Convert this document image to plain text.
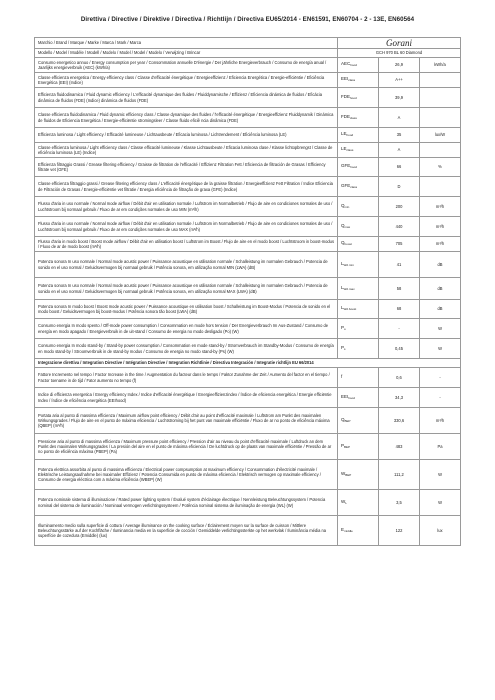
Direttiva / Directive / Direktive / Directiva / Richtlijn / Directiva EU65/2014 - EN61591, EN60704 - 2 - 13E, EN60564
Marchio / Brand / Marque / Marke / Marca / Mark / Marca	Gorani		
Modello / Model / Modèle / Modell / Modelo / Model / Model / Modelo / Verwijzing / Brincar	GCH 970 BL 60 Diamond		
Consumo energetico annuo / Energy consumption per year / Consommation annuelle D'énergie / Der jährliche Energieverbrauch / Consumo de energía anual / Jaarlijks energieverbruik (AEC) (kWh/a)	$AEC_{hood}$	26,9	kWh/a
Classe efficienza energetica / Energy efficiency class / Classe d'efficacité énergétique / Energieeffizienz / Eficiencia Energética / Energie-efficiëntie / Eficiência Energética (EEI) (Indice)	$EEI_{class}$	A++	
Efficienza fluidodinamica / Fluid dynamic efficiency / L'efficacité dynamique des fluides / Fluiddynamische / Effizienz / Eficiencia dinámica de fluidos / Eficácia dinâmica de fluidos (FDE) (Indice) dinámica de fluidos (FDE)	$FDE_{hood}$	39,9	
Classe efficienza fluidodinamica / Fluid dynamic efficiency class / Classe dynamique des fluides / l'efficacité énergétique / Energieeffizienz Fluiddynamik / Dinámica de fluidos de Eficiencia Energética / Energie-efficiëntie stromingsleer / Classe fluido eficiê ncia dinâmica (FDE)	$FDE_{class}$	A	
Efficienza luminosa / Light efficiency / Efficacité lumineuse / Lichtausbeute / Eficacia luminosa / Lichtrendement / Eficiência luminosa (LE)	$LE_{hood}$	35	lux/W
Classe efficienza luminosa / Light efficiency class / Classe efficacité lumineuse / Klasse Lichtausbeute / Eficacia luminosa clase / Klasse lichtopbrengst / Classe de eficiência luminosa (LE) (Indice)	$LE_{class}$	A	
Efficienza filtraggio Grassi / Grease filtering efficiency / Graisse de filtration de l'efficacité / Effizienz Filtration Fett / Eficiencia de filtración de Grasas / Efficiency filtrate vet (GFE)	$GFE_{hood}$	66	%
Classe efficienza filtraggio grassi / Grease filtering efficiency class / L'efficacité énergétique de la graisse filtration / Energieeffizienz Fett Filtration / Indice Eficiencia de Filtración de Grasas / Energie-efficiëntie vet filtratie / Energia eficiência de filtração de graxa (GFE) (Indice)	$GFE_{class}$	D	
Flusso d'aria in uso normale / Normal mode airflow / Débit d'air en utilisation normale / Luftstrom im Normalbetrieb / Flujo de aire en condiciones normales de uso / Luchtstroom bij normaal gebruik / Fluxo de ar em condições normales de uso MIN (m³/h)	$Q_{min}$	200	m³/h
Flusso d'aria in uso normale / Normal mode airflow / Débit d'air en utilisation normale / Luftstrom im Normalbetrieb / Flujo de aire en condiciones normales de uso / Luchtstroom bij normaal gebruik / Fluxo de ar em condições normales de uso MAX (m³/h)	$Q_{max}$	440	m³/h
Flusso d'aria in modo boost / Boost mode airflow / Débit d'air en utilisation boost / Luftstrom im Boost / Flujo de aire en el modo boost / Luchtstroom in boost-modus / Fluxo de ar de modo boost (m³/h)	$Q_{boost}$	705	m³/h
Potenza sonora In uso normale / Normal mode acustic power / Puissance acoustique en utilisation normale / Schalleistung im normalen Gebrauch / Potencia de sonido en el uso normal / Geluidsvermogen bij normaal gebruik / Potência sonora, em utilização normal MIN (LWA) (dB)	$L_{WA min}$	41	dB
Potenza sonora In uso normale / Normal mode acustic power / Puissance acoustique en utilisation normale / Schalleistung im normalen Gebrauch / Potencia de sonido en el uso normal / Geluidsvermogen bij normaal gebruik / Potência sonora, em utilização normal MAX (LWA) (dB)	$L_{WA max}$	58	dB
Potenza sonora In modo boost / Boost mode acustic power / Puissance acoustique en utilisation boost / Schalleistung im Boost-Modus / Potencia de sonido en el modo boost / Geluidsvermogen bij boost-modus / Potência sonora tão boost (LWA) (dB)	$L_{WA boost}$	68	dB
Consumo energia In modo spento / Off-mode power consumption / Consommation en mode hors tension / Der Energieverbrauch Im Aus-Zustand / Consumo de energía en modo apagado / Energieverbruik in de uit-stand / Consumo de energia no modo desligado (Po) (W)	$P_o$	-	W
Consumo energia In modo stand-by / Stand-by power consumption / Consommation en mode stand-by / Stromverbrauch im Standby-Modus / Consumo de energía en modo stand-by / Stroomverbruik in de stand-by modus / Consumo de energia no modo stand-by (Ps) (W)	$P_s$	0,45	W
Integrazione direttiva / Integration Directive / Intégration Directive / Integration Richtlinie / Directiva Integración / Integratie richtlijn EU 66/2014			
Fattore Incremento nel tempo / Factor Increase in the time / Augmentation du facteur dans le temps / Faktor Zunahme der Zeit / Aumento del factor en el tiempo / Factor toename in de tijd / Fator aumento no tempo (f)	f	0,6	-
Indice di efficienza energetica / Energy efficiency Index / Indice d'efficacité énergétique / Energieeffizienzindex / Índice de eficiencia energética / Energie efficiëntie Index / Índice de eficiência energética (EEIhood)	$EEI_{hood}$	34,3	-
Portata aria al punto di massima efficienza / Maximum airflow point efficiency / Débit d'air au point d'efficacité maximale / Luftstrom am Punkt des maximalen Wirkungsgrades / Flujo de aire en el punto de máxima eficiencia / Luchtstroming bij het punt van maximale efficiëntie / Fluxo de ar no ponto de eficiência máxima (QBEP) (m³/h)	$Q_{BEP}$	330,6	m³/h
Pressione aria al punto di massima efficienza / Maximum pressure point efficiency / Pression d'air au niveau du point d'efficacité maximale / Luftdruck an dem Punkt des maximalen Wirkungsgrades / La presión del aire en el punto de máxima eficiencia / De luchtdruck op de plaats van maximale efficiëntie / Pressão de ar no ponto de eficiência máxima (PBEP) (Pa)	$P_{BEP}$	483	Pa
Potenza elettrica assorbita al punto di massima efficienza / Electrical power compsumption at maximum efficiency / Consommation d'électricité maximale / Elektrische Leistungsaufnahme bei maximaler Effizienz / Potencia Consumida en punto de máxima eficiencia / Elektrisch vermogen op maximale efficiency / Consumo de energia eléctrica com a máxima eficiência (WBEP) (W)	$W_{BEP}$	111,2	W
Potenza nominale sistema di illuminazione / Rated power lighting system / Évalué system d'éclairage électrique / Nennleistung Beleuchtungssystem / Potencia nominal del sistema de iluminación / Nominaal vermogen verlichtingssysteem / Potência nominal sistema de iluminação de energia (WL) (W)	$W_L$	3,5	W
Illuminamento medio sulla superficie di cottura / Average illuminance on the cooking surface / Éclairement moyen sur la surface de cuisson / Mittlere Beleuchtungsstärke auf der Kochfläche / Iluminancia media en la superficie de cocción / Gemiddelde verlichtingssterkte op het werkvlak / Iluminância média na superfície de cozedura (Emiddle) (lux)	$E_{middle}$	122	lux
